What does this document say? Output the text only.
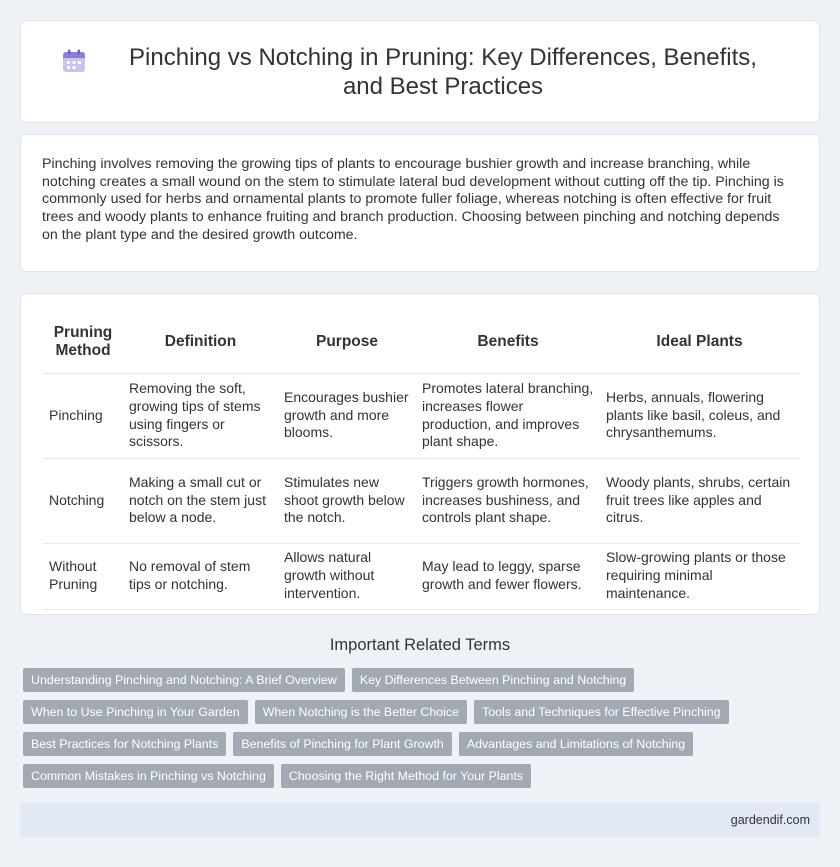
Pinching vs Notching in Pruning: Key Differences, Benefits, and Best Practices

Pinching involves removing the growing tips of plants to encourage bushier growth and increase branching, while notching creates a small wound on the stem to stimulate lateral bud development without cutting off the tip. Pinching is commonly used for herbs and ornamental plants to promote fuller foliage, whereas notching is often effective for fruit trees and woody plants to enhance fruiting and branch production. Choosing between pinching and notching depends on the plant type and the desired growth outcome.

Pruning Method	Definition	Purpose	Benefits	Ideal Plants
Pinching	Removing the soft, growing tips of stems using fingers or scissors.	Encourages bushier growth and more blooms.	Promotes lateral branching, increases flower production, and improves plant shape.	Herbs, annuals, flowering plants like basil, coleus, and chrysanthemums.
Notching	Making a small cut or notch on the stem just below a node.	Stimulates new shoot growth below the notch.	Triggers growth hormones, increases bushiness, and controls plant shape.	Woody plants, shrubs, certain fruit trees like apples and citrus.
Without Pruning	No removal of stem tips or notching.	Allows natural growth without intervention.	May lead to leggy, sparse growth and fewer flowers.	Slow-growing plants or those requiring minimal maintenance.
Important Related Terms
Understanding Pinching and Notching: A Brief Overview	Key Differences Between Pinching and Notching
When to Use Pinching in Your Garden	When Notching is the Better Choice	Tools and Techniques for Effective Pinching
Best Practices for Notching Plants	Benefits of Pinching for Plant Growth	Advantages and Limitations of Notching
Common Mistakes in Pinching vs Notching	Choosing the Right Method for Your Plants
gardendif.com
